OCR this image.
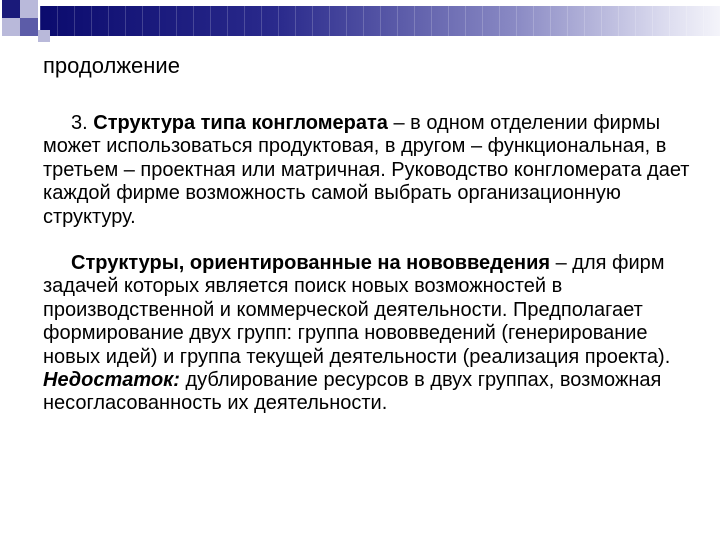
продолжение

3. Структура типа конгломерата – в одном отделении фирмы может использоваться продуктовая, в другом – функциональная, в третьем – проектная или матричная. Руководство конгломерата дает каждой фирме возможность самой выбрать организационную структуру.

Структуры, ориентированные на нововведения – для фирм задачей которых является поиск новых возможностей в производственной и коммерческой деятельности. Предполагает формирование двух групп: группа нововведений (генерирование новых идей) и группа текущей деятельности (реализация проекта).
Недостаток: дублирование ресурсов в двух группах, возможная несогласованность их деятельности.
